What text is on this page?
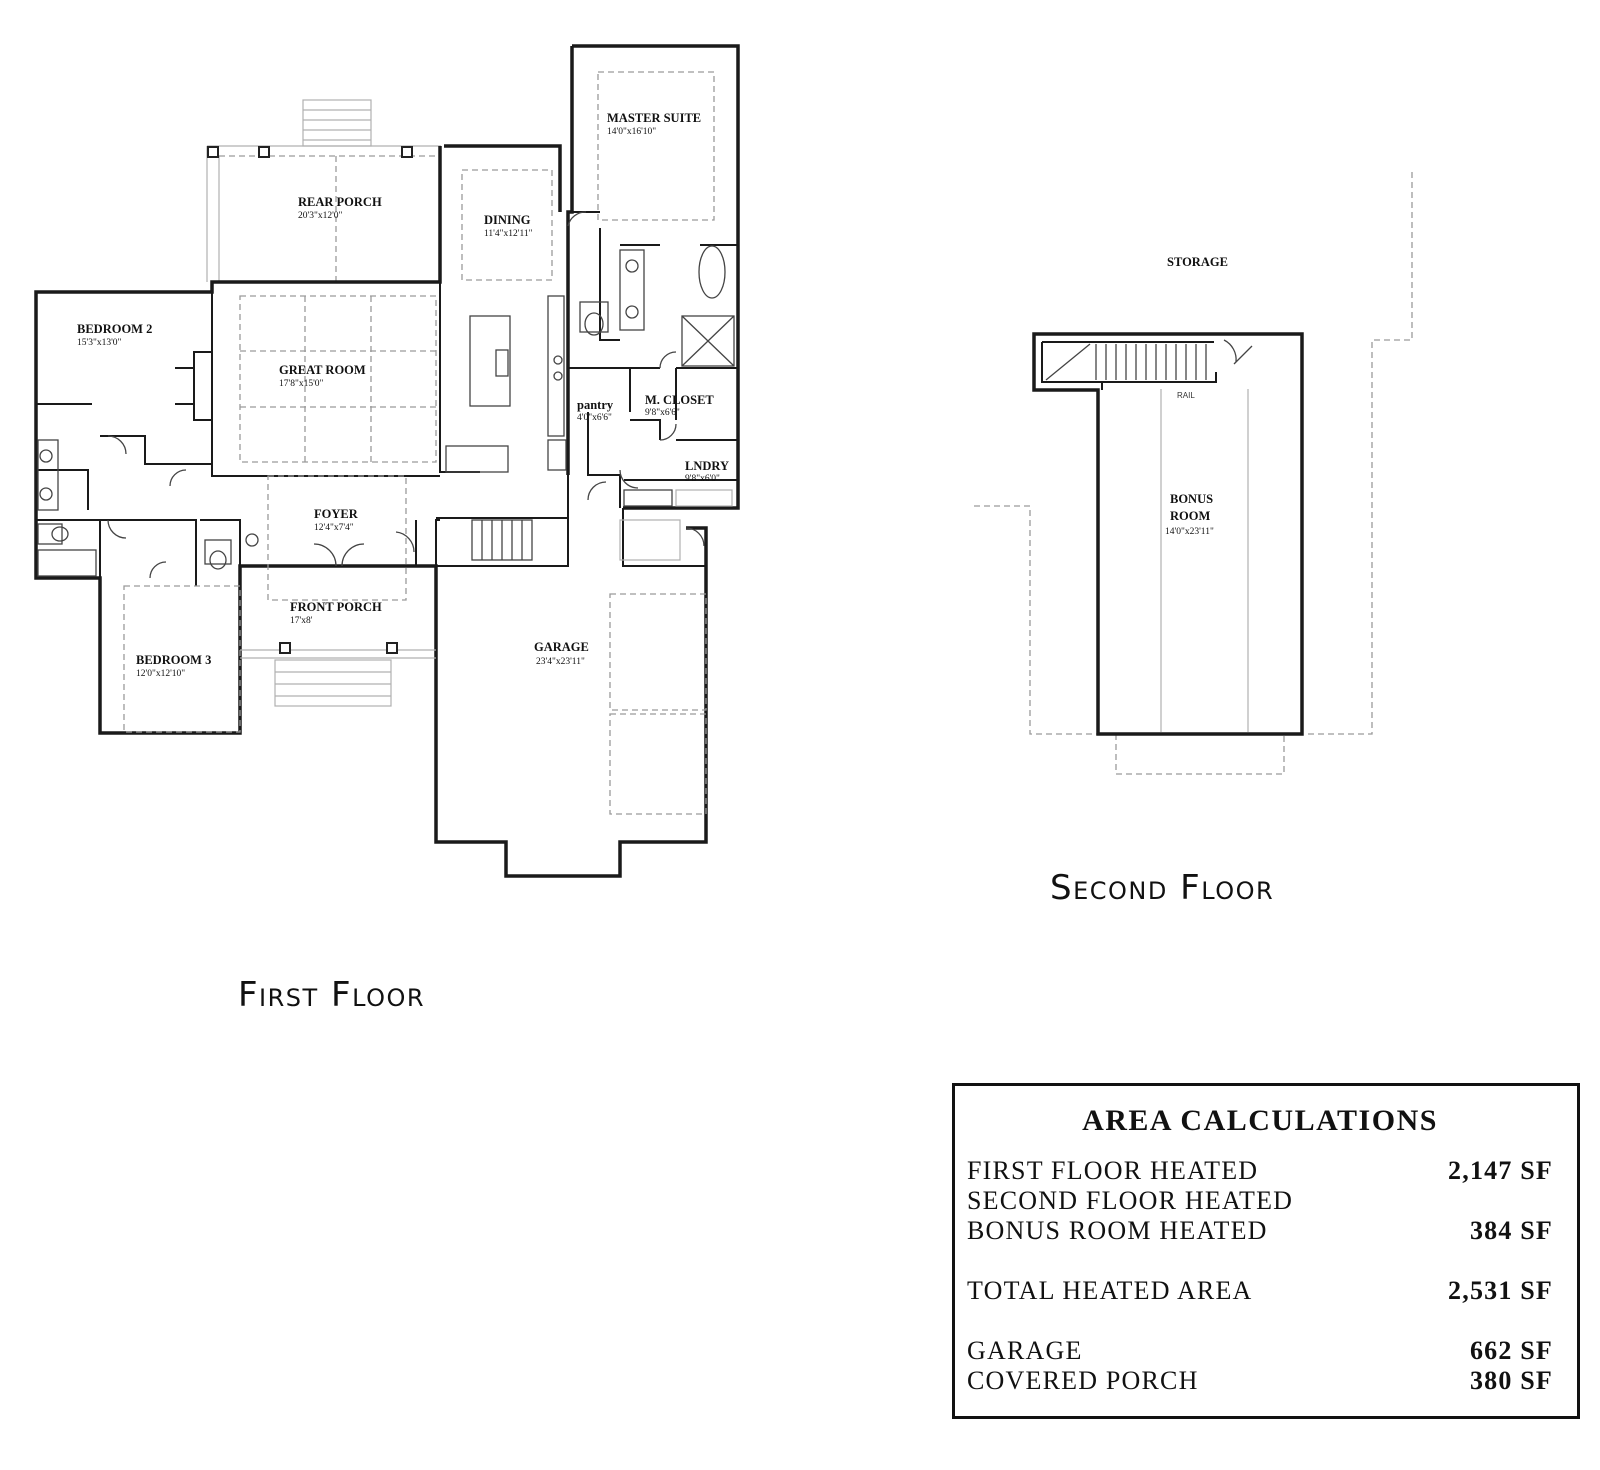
REAR PORCH
20'3"x12'0"	DINING
11'4"x12'11"
MASTER SUITE
14'0"x16'10"
BEDROOM 2
15'3"x13'0"
GREAT ROOM
17'8"x15'0"
pantry
4'0"x6'6"
M. CLOSET
9'8"x6'6"
LNDRY
9'8"x6'0"
FOYER
12'4"x7'4"
FRONT PORCH
17'x8'
BEDROOM 3
12'0"x12'10"
GARAGE
23'4"x23'11"
STORAGE
RAIL
BONUS
ROOM
14'0"x23'11"
First Floor
Second Floor
AREA CALCULATIONS
FIRST FLOOR HEATED	2,147 SF
SECOND FLOOR HEATED
BONUS ROOM HEATED	384 SF
TOTAL HEATED AREA	2,531 SF
GARAGE	662 SF
COVERED PORCH	380 SF
